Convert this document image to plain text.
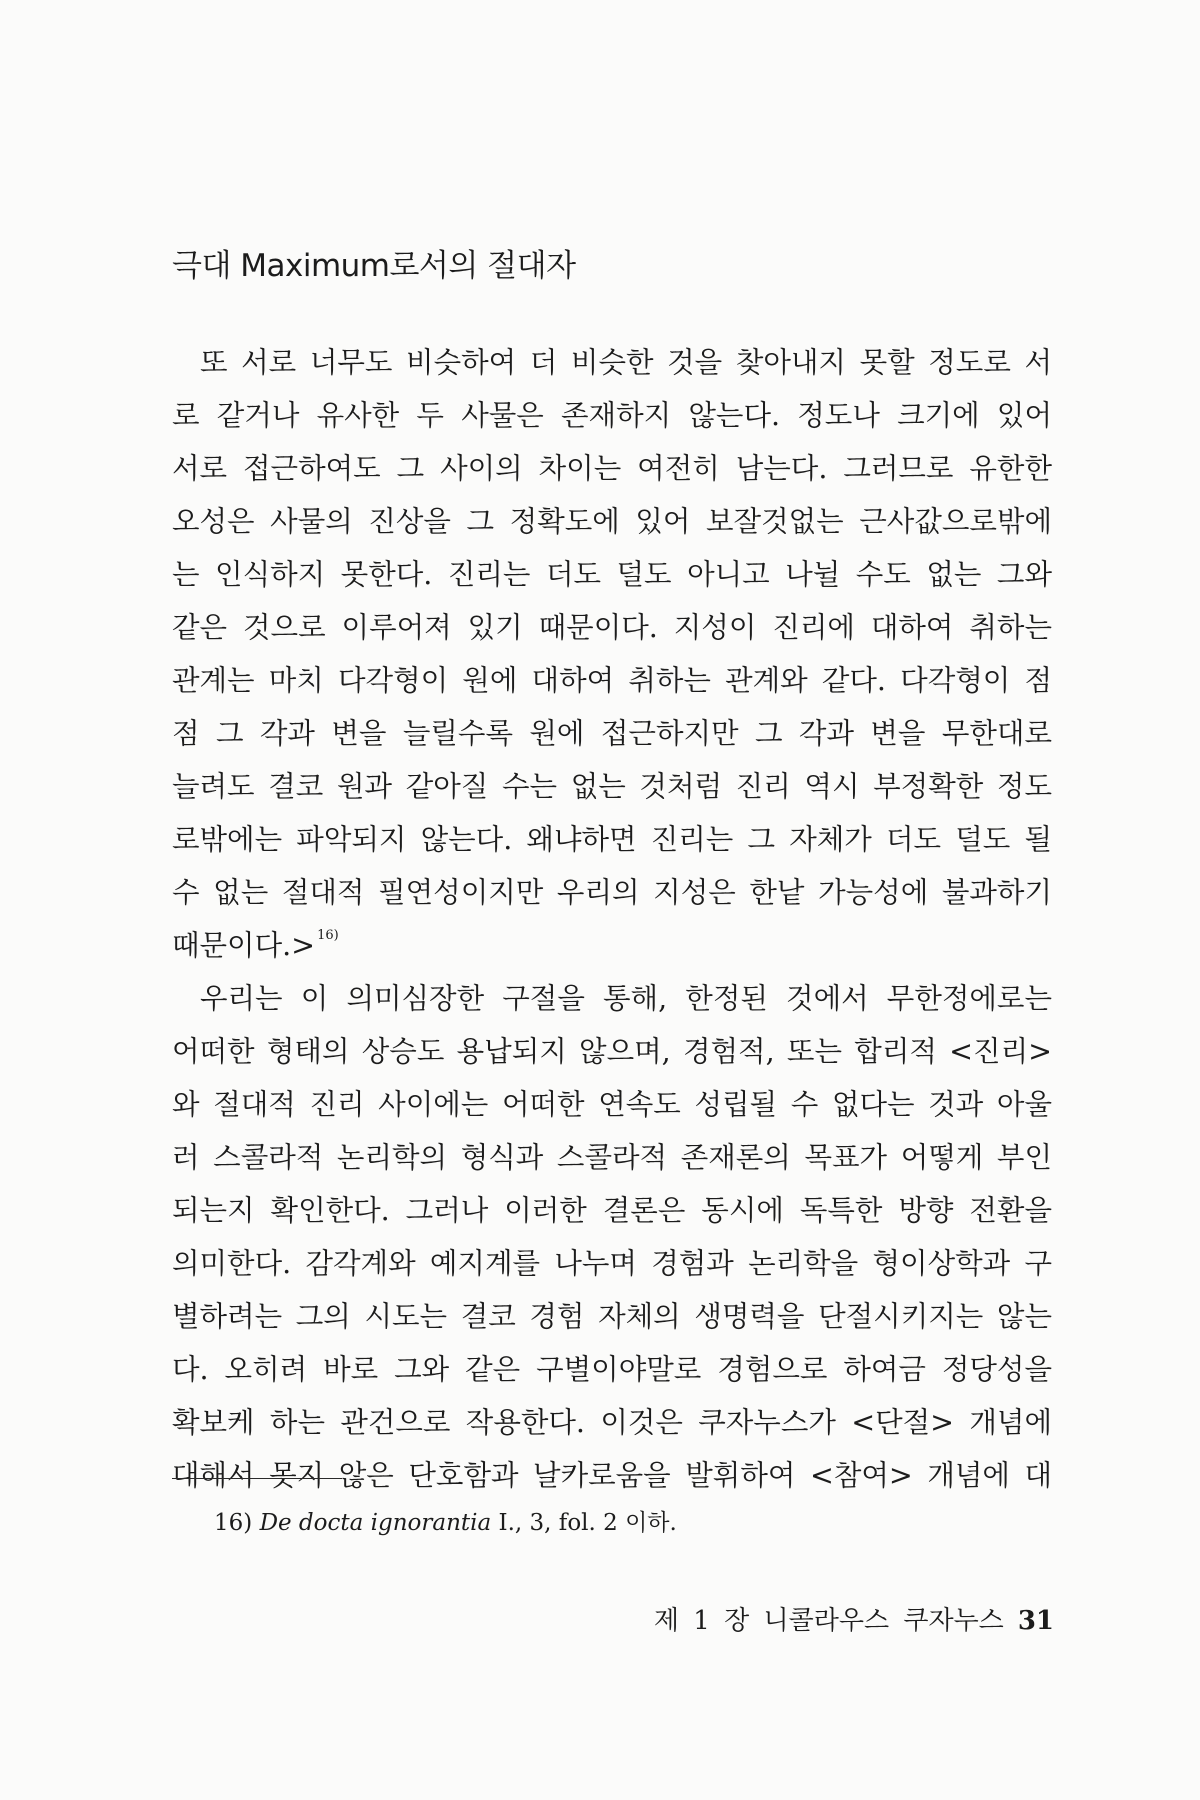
극대 Maximum로서의 절대자
또 서로 너무도 비슷하여 더 비슷한 것을 찾아내지 못할 정도로 서
로 같거나 유사한 두 사물은 존재하지 않는다. 정도나 크기에 있어
서로 접근하여도 그 사이의 차이는 여전히 남는다. 그러므로 유한한
오성은 사물의 진상을 그 정확도에 있어 보잘것없는 근사값으로밖에
는 인식하지 못한다. 진리는 더도 덜도 아니고 나뉠 수도 없는 그와
같은 것으로 이루어져 있기 때문이다. 지성이 진리에 대하여 취하는
관계는 마치 다각형이 원에 대하여 취하는 관계와 같다. 다각형이 점
점 그 각과 변을 늘릴수록 원에 접근하지만 그 각과 변을 무한대로
늘려도 결코 원과 같아질 수는 없는 것처럼 진리 역시 부정확한 정도
로밖에는 파악되지 않는다. 왜냐하면 진리는 그 자체가 더도 덜도 될
수 없는 절대적 필연성이지만 우리의 지성은 한낱 가능성에 불과하기
때문이다.> $^{16)}$
우리는 이 의미심장한 구절을 통해, 한정된 것에서 무한정에로는
어떠한 형태의 상승도 용납되지 않으며, 경험적, 또는 합리적 <진리>
와 절대적 진리 사이에는 어떠한 연속도 성립될 수 없다는 것과 아울
러 스콜라적 논리학의 형식과 스콜라적 존재론의 목표가 어떻게 부인
되는지 확인한다. 그러나 이러한 결론은 동시에 독특한 방향 전환을
의미한다. 감각계와 예지계를 나누며 경험과 논리학을 형이상학과 구
별하려는 그의 시도는 결코 경험 자체의 생명력을 단절시키지는 않는
다. 오히려 바로 그와 같은 구별이야말로 경험으로 하여금 정당성을
확보케 하는 관건으로 작용한다. 이것은 쿠자누스가 <단절> 개념에
대해서 못지 않은 단호함과 날카로움을 발휘하여 <참여> 개념에 대
16) De docta ignorantia I., 3, fol. 2 이하.
제 1 장 니콜라우스 쿠자누스 31
